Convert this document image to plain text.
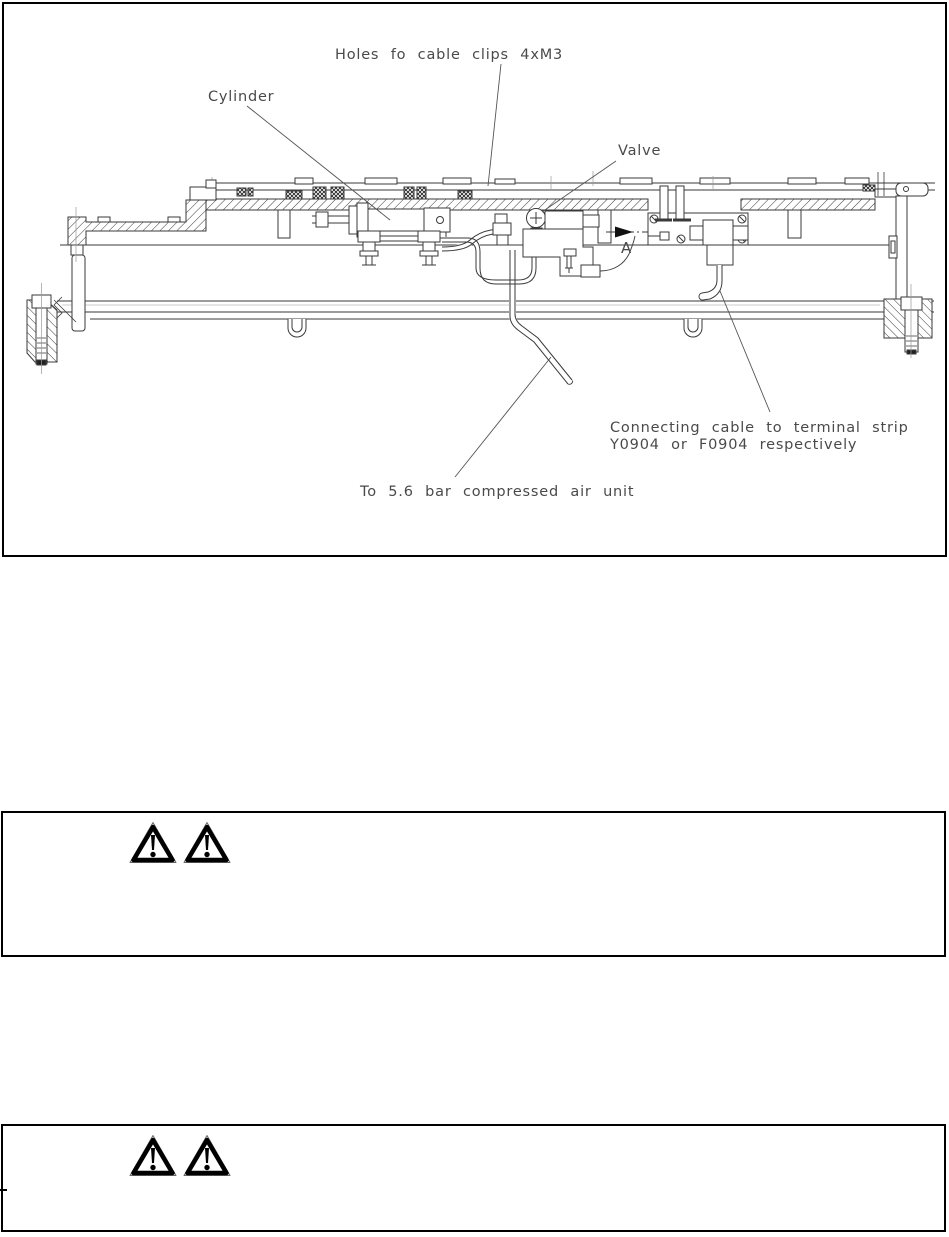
Holes fo cable clips 4xM3
Cylinder
Valve
Connecting cable to terminal strip
Y0904 or F0904 respectively
To 5.6 bar compressed air unit
A
